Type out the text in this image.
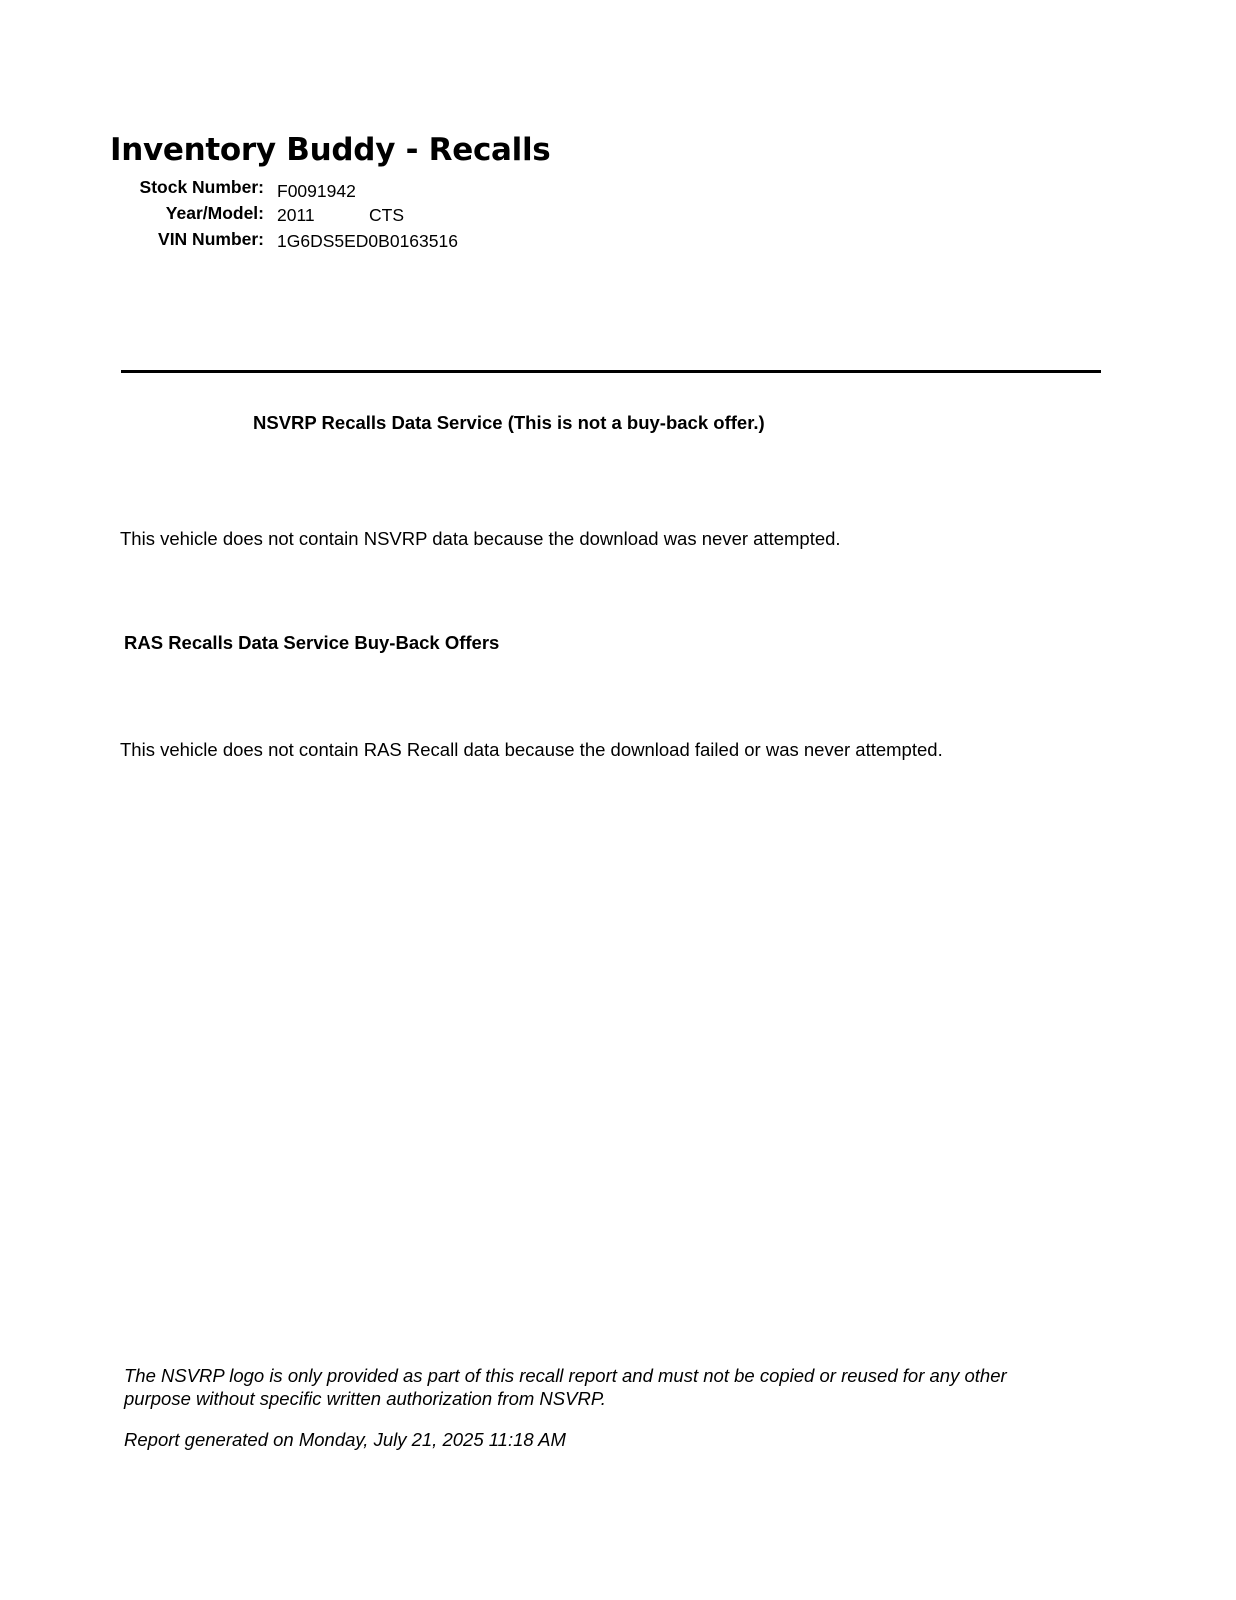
Inventory Buddy - Recalls
Stock Number: F0091942
Year/Model: 2011	CTS
VIN Number: 1G6DS5ED0B0163516
NSVRP Recalls Data Service (This is not a buy-back offer.)

This vehicle does not contain NSVRP data because the download was never attempted.

RAS Recalls Data Service Buy-Back Offers

This vehicle does not contain RAS Recall data because the download failed or was never attempted.

The NSVRP logo is only provided as part of this recall report and must not be copied or reused for any other
purpose without specific written authorization from NSVRP.

Report generated on Monday, July 21, 2025 11:18 AM
